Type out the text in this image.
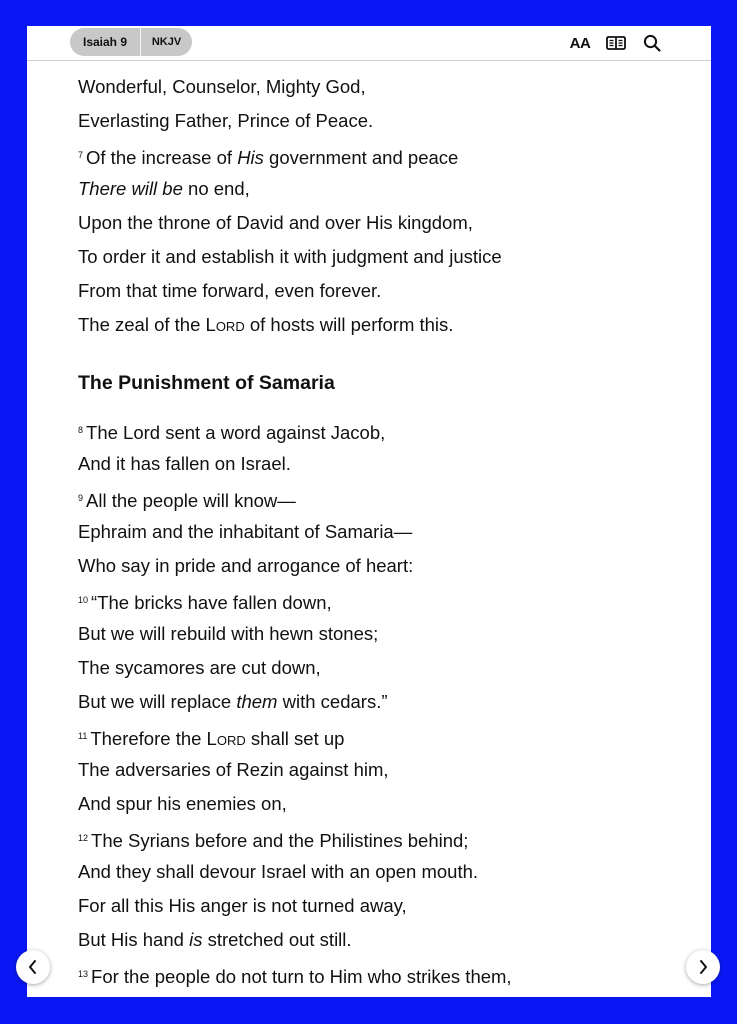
Isaiah 9	NKJV	AA
Wonderful, Counselor, Mighty God,
Everlasting Father, Prince of Peace.
$^7$ Of the increase of His government and peace
There will be no end,
Upon the throne of David and over His kingdom,
To order it and establish it with judgment and justice
From that time forward, even forever.
The zeal of the Lord of hosts will perform this.
The Punishment of Samaria
$^8$ The Lord sent a word against Jacob,
And it has fallen on Israel.
$^9$ All the people will know—
Ephraim and the inhabitant of Samaria—
Who say in pride and arrogance of heart:
$^{10}$ “The bricks have fallen down,
But we will rebuild with hewn stones;
The sycamores are cut down,
But we will replace them with cedars.”
$^{11}$ Therefore the Lord shall set up
The adversaries of Rezin against him,
And spur his enemies on,
$^{12}$ The Syrians before and the Philistines behind;
And they shall devour Israel with an open mouth.
For all this His anger is not turned away,
But His hand is stretched out still.
$^{13}$ For the people do not turn to Him who strikes them,
